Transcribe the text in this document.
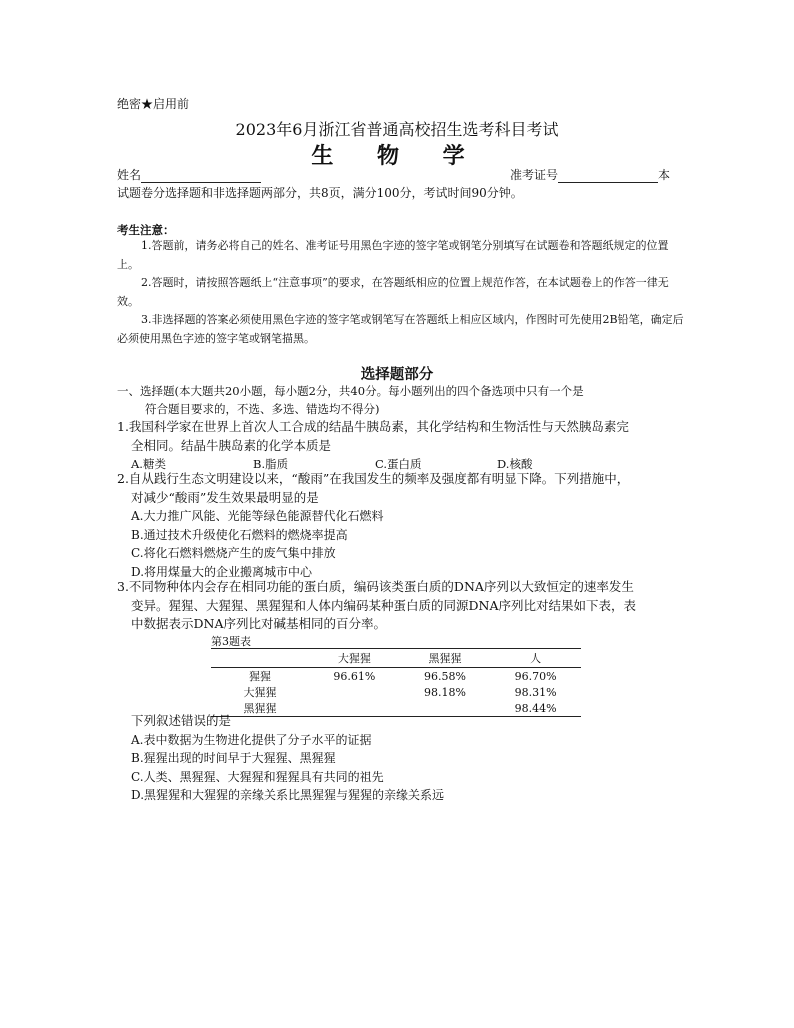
绝密★启用前
2023年6月浙江省普通高校招生选考科目考试
生 物 学
姓名	准考证号	本
试题卷分选择题和非选择题两部分，共8页，满分100分，考试时间90分钟。
考生注意：

1.答题前，请务必将自己的姓名、准考证号用黑色字迹的签字笔或钢笔分别填写在试题卷和答题纸规定的位置上。

2.答题时，请按照答题纸上“注意事项”的要求，在答题纸相应的位置上规范作答，在本试题卷上的作答一律无效。

3.非选择题的答案必须使用黑色字迹的签字笔或钢笔写在答题纸上相应区域内，作图时可先使用2B铅笔，确定后必须使用黑色字迹的签字笔或钢笔描黑。

选择题部分
一、选择题(本大题共20小题，每小题2分，共40分。每小题列出的四个备选项中只有一个是
符合题目要求的，不选、多选、错选均不得分)
1.我国科学家在世界上首次人工合成的结晶牛胰岛素，其化学结构和生物活性与天然胰岛素完
全相同。结晶牛胰岛素的化学本质是
A.糖类	B.脂质	C.蛋白质	D.核酸
2.自从践行生态文明建设以来，“酸雨”在我国发生的频率及强度都有明显下降。下列措施中，
对减少“酸雨”发生效果最明显的是
A.大力推广风能、光能等绿色能源替代化石燃料
B.通过技术升级使化石燃料的燃烧率提高
C.将化石燃料燃烧产生的废气集中排放
D.将用煤量大的企业搬离城市中心
3.不同物种体内会存在相同功能的蛋白质，编码该类蛋白质的DNA序列以大致恒定的速率发生
变异。猩猩、大猩猩、黑猩猩和人体内编码某种蛋白质的同源DNA序列比对结果如下表，表
中数据表示DNA序列比对碱基相同的百分率。
第3题表
	大猩猩	黑猩猩	人
猩猩	96.61%	96.58%	96.70%
大猩猩		98.18%	98.31%
黑猩猩			98.44%
下列叙述错误的是
A.表中数据为生物进化提供了分子水平的证据
B.猩猩出现的时间早于大猩猩、黑猩猩
C.人类、黑猩猩、大猩猩和猩猩具有共同的祖先
D.黑猩猩和大猩猩的亲缘关系比黑猩猩与猩猩的亲缘关系远
